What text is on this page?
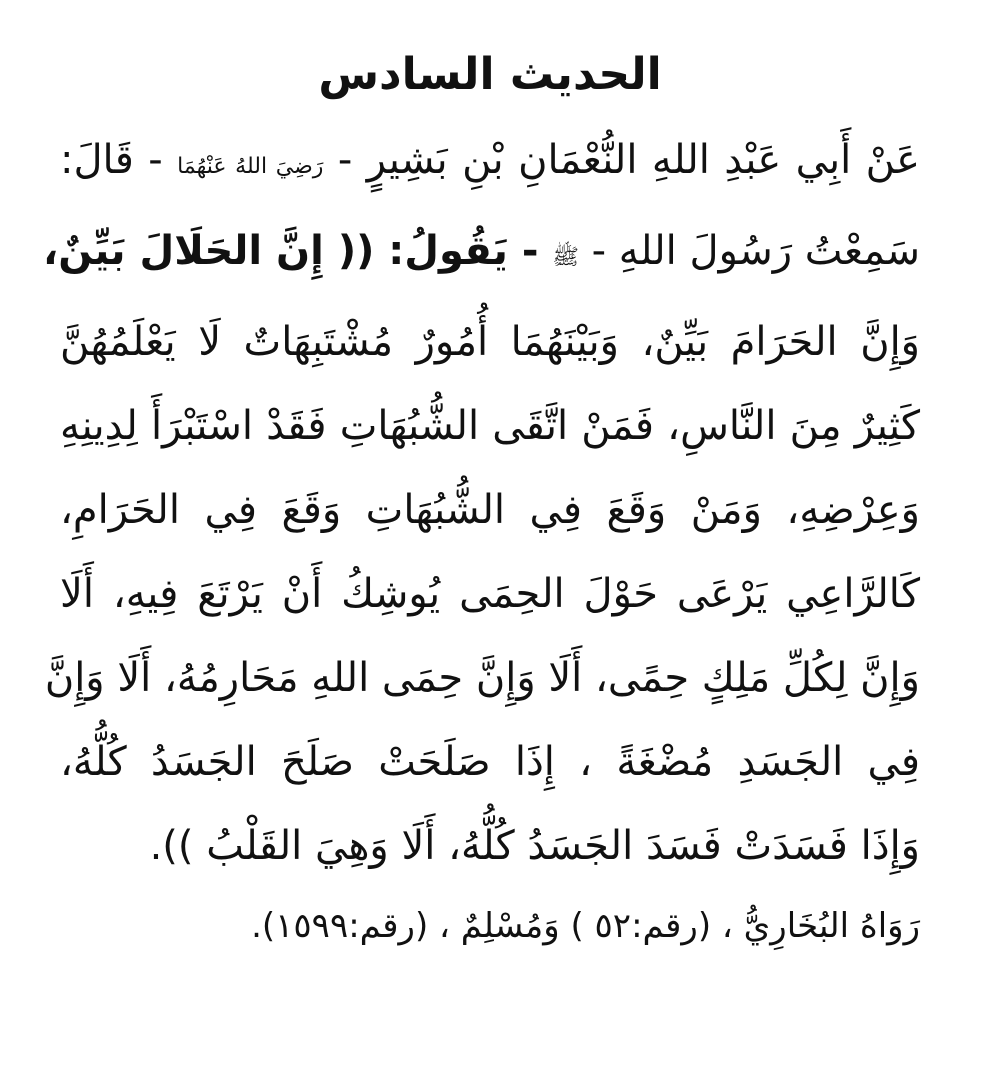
الحديث السادس
عَنْ أَبِي عَبْدِ اللهِ النُّعْمَانِ بْنِ بَشِيرٍ - رَضِيَ اللهُ عَنْهُمَا - قَالَ:
سَمِعْتُ رَسُولَ اللهِ - ﷺ - يَقُولُ: (( إِنَّ الحَلَالَ بَيِّنٌ،
وَإِنَّ الحَرَامَ بَيِّنٌ، وَبَيْنَهُمَا أُمُورٌ مُشْتَبِهَاتٌ لَا يَعْلَمُهُنَّ
كَثِيرٌ مِنَ النَّاسِ، فَمَنْ اتَّقَى الشُّبُهَاتِ فَقَدْ اسْتَبْرَأَ لِدِينِهِ
وَعِرْضِهِ، وَمَنْ وَقَعَ فِي الشُّبُهَاتِ وَقَعَ فِي الحَرَامِ،
كَالرَّاعِي يَرْعَى حَوْلَ الحِمَى يُوشِكُ أَنْ يَرْتَعَ فِيهِ، أَلَا
وَإِنَّ لِكُلِّ مَلِكٍ حِمًى، أَلَا وَإِنَّ حِمَى اللهِ مَحَارِمُهُ، أَلَا وَإِنَّ
فِي الجَسَدِ مُضْغَةً ، إِذَا صَلَحَتْ صَلَحَ الجَسَدُ كُلُّهُ،
وَإِذَا فَسَدَتْ فَسَدَ الجَسَدُ كُلُّهُ، أَلَا وَهِيَ القَلْبُ )).
رَوَاهُ البُخَارِيُّ ، (رقم:٥٢ ) وَمُسْلِمٌ ، (رقم:١٥٩٩).
